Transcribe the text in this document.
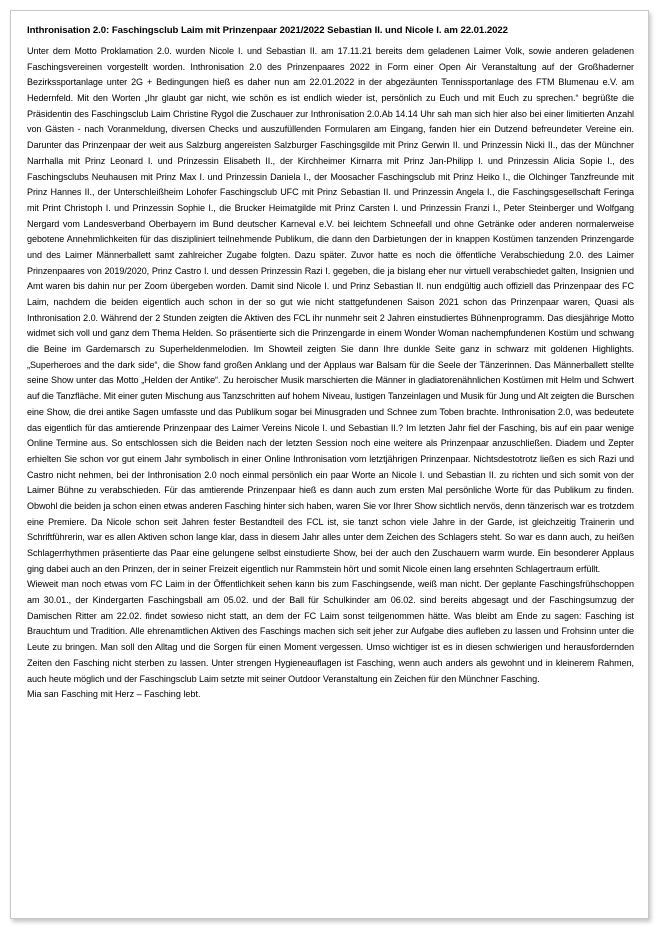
Inthronisation 2.0: Faschingsclub Laim mit Prinzenpaar 2021/2022 Sebastian II. und Nicole I. am 22.01.2022

Unter dem Motto Proklamation 2.0. wurden Nicole I. und Sebastian II. am 17.11.21 bereits dem geladenen Laimer Volk, sowie anderen geladenen Faschingsvereinen vorgestellt worden. Inthronisation 2.0 des Prinzenpaares 2022 in Form einer Open Air Veranstaltung auf der Großhaderner Bezirkssportanlage unter 2G + Bedingungen hieß es daher nun am 22.01.2022 in der abgezäunten Tennissportanlage des FTM Blumenau e.V. am Hedernfeld. Mit den Worten „Ihr glaubt gar nicht, wie schön es ist endlich wieder ist, persönlich zu Euch und mit Euch zu sprechen.“ begrüßte die Präsidentin des Faschingsclub Laim Christine Rygol die Zuschauer zur Inthronisation 2.0.Ab 14.14 Uhr sah man sich hier also bei einer limitierten Anzahl von Gästen - nach Voranmeldung, diversen Checks und auszufüllenden Formularen am Eingang, fanden hier ein Dutzend befreundeter Vereine ein. Darunter das Prinzenpaar der weit aus Salzburg angereisten Salzburger Faschingsgilde mit Prinz Gerwin II. und Prinzessin Nicki II., das der Münchner Narrhalla mit Prinz Leonard I. und Prinzessin Elisabeth II., der Kirchheimer Kirnarra mit Prinz Jan-Philipp I. und Prinzessin Alicia Sopie I., des Faschingsclubs Neuhausen mit Prinz Max I. und Prinzessin Daniela I., der Moosacher Faschingsclub mit Prinz Heiko I., die Olchinger Tanzfreunde mit Prinz Hannes II., der Unterschleißheim Lohofer Faschingsclub UFC mit Prinz Sebastian II. und Prinzessin Angela I., die Faschingsgesellschaft Feringa mit Print Christoph I. und Prinzessin Sophie I., die Brucker Heimatgilde mit Prinz Carsten I. und Prinzessin Franzi I., Peter Steinberger und Wolfgang Nergard vom Landesverband Oberbayern im Bund deutscher Karneval e.V. bei leichtem Schneefall und ohne Getränke oder anderen normalerweise gebotene Annehmlichkeiten für das diszipliniert teilnehmende Publikum, die dann den Darbietungen der in knappen Kostümen tanzenden Prinzengarde und des Laimer Männerballett samt zahlreicher Zugabe folgten. Dazu später. Zuvor hatte es noch die öffentliche Verabschiedung 2.0. des Laimer Prinzenpaares von 2019/2020, Prinz Castro I. und dessen Prinzessin Razi I. gegeben, die ja bislang eher nur virtuell verabschiedet galten, Insignien und Amt waren bis dahin nur per Zoom übergeben worden. Damit sind Nicole I. und Prinz Sebastian II. nun endgültig auch offiziell das Prinzenpaar des FC Laim, nachdem die beiden eigentlich auch schon in der so gut wie nicht stattgefundenen Saison 2021 schon das Prinzenpaar waren, Quasi als Inthronisation 2.0. Während der 2 Stunden zeigten die Aktiven des FCL ihr nunmehr seit 2 Jahren einstudiertes Bühnenprogramm. Das diesjährige Motto widmet sich voll und ganz dem Thema Helden. So präsentierte sich die Prinzengarde in einem Wonder Woman nachempfundenen Kostüm und schwang die Beine im Gardemarsch zu Superheldenmelodien. Im Showteil zeigten Sie dann Ihre dunkle Seite ganz in schwarz mit goldenen Highlights. „Superheroes and the dark side“, die Show fand großen Anklang und der Applaus war Balsam für die Seele der Tänzerinnen. Das Männerballett stellte seine Show unter das Motto „Helden der Antike“. Zu heroischer Musik marschierten die Männer in gladiatorenähnlichen Kostümen mit Helm und Schwert auf die Tanzfläche. Mit einer guten Mischung aus Tanzschritten auf hohem Niveau, lustigen Tanzeinlagen und Musik für Jung und Alt zeigten die Burschen eine Show, die drei antike Sagen umfasste und das Publikum sogar bei Minusgraden und Schnee zum Toben brachte. Inthronisation 2.0, was bedeutete das eigentlich für das amtierende Prinzenpaar des Laimer Vereins Nicole I. und Sebastian II.? Im letzten Jahr fiel der Fasching, bis auf ein paar wenige Online Termine aus. So entschlossen sich die Beiden nach der letzten Session noch eine weitere als Prinzenpaar anzuschließen. Diadem und Zepter erhielten Sie schon vor gut einem Jahr symbolisch in einer Online Inthronisation vom letztjährigen Prinzenpaar. Nichtsdestotrotz ließen es sich Razi und Castro nicht nehmen, bei der Inthronisation 2.0 noch einmal persönlich ein paar Worte an Nicole I. und Sebastian II. zu richten und sich somit von der Laimer Bühne zu verabschieden. Für das amtierende Prinzenpaar hieß es dann auch zum ersten Mal persönliche Worte für das Publikum zu finden. Obwohl die beiden ja schon einen etwas anderen Fasching hinter sich haben, waren Sie vor Ihrer Show sichtlich nervös, denn tänzerisch war es trotzdem eine Premiere. Da Nicole schon seit Jahren fester Bestandteil des FCL ist, sie tanzt schon viele Jahre in der Garde, ist gleichzeitig Trainerin und Schriftführerin, war es allen Aktiven schon lange klar, dass in diesem Jahr alles unter dem Zeichen des Schlagers steht. So war es dann auch, zu heißen Schlagerrhythmen präsentierte das Paar eine gelungene selbst einstudierte Show, bei der auch den Zuschauern warm wurde. Ein besonderer Applaus ging dabei auch an den Prinzen, der in seiner Freizeit eigentlich nur Rammstein hört und somit Nicole einen lang ersehnten Schlagertraum erfüllt.

Wieweit man noch etwas vom FC Laim in der Öffentlichkeit sehen kann bis zum Faschingsende, weiß man nicht. Der geplante Faschingsfrühschoppen am 30.01., der Kindergarten Faschingsball am 05.02. und der Ball für Schulkinder am 06.02. sind bereits abgesagt und der Faschingsumzug der Damischen Ritter am 22.02. findet sowieso nicht statt, an dem der FC Laim sonst teilgenommen hätte. Was bleibt am Ende zu sagen: Fasching ist Brauchtum und Tradition. Alle ehrenamtlichen Aktiven des Faschings machen sich seit jeher zur Aufgabe dies aufleben zu lassen und Frohsinn unter die Leute zu bringen. Man soll den Alltag und die Sorgen für einen Moment vergessen. Umso wichtiger ist es in diesen schwierigen und herausfordernden Zeiten den Fasching nicht sterben zu lassen. Unter strengen Hygieneauflagen ist Fasching, wenn auch anders als gewohnt und in kleinerem Rahmen, auch heute möglich und der Faschingsclub Laim setzte mit seiner Outdoor Veranstaltung ein Zeichen für den Münchner Fasching.

Mia san Fasching mit Herz – Fasching lebt.
